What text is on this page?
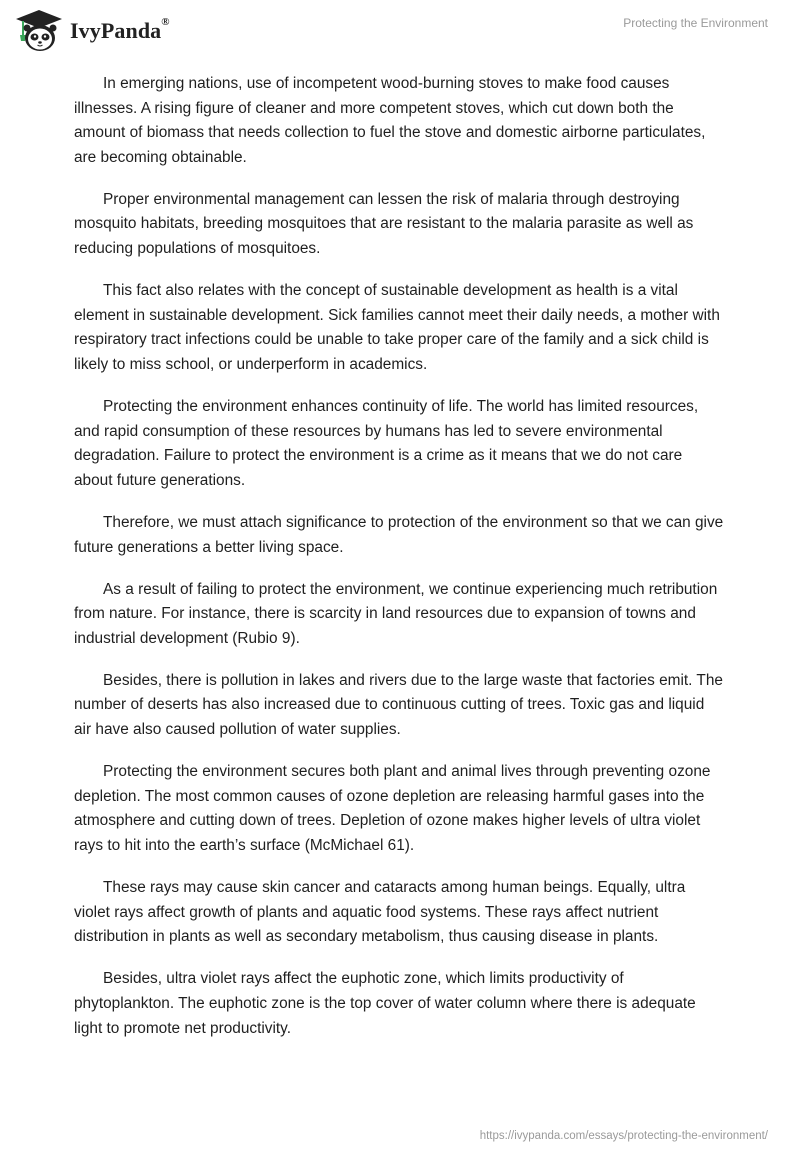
IvyPanda®	Protecting the Environment

In emerging nations, use of incompetent wood-burning stoves to make food causes illnesses. A rising figure of cleaner and more competent stoves, which cut down both the amount of biomass that needs collection to fuel the stove and domestic airborne particulates, are becoming obtainable.

Proper environmental management can lessen the risk of malaria through destroying mosquito habitats, breeding mosquitoes that are resistant to the malaria parasite as well as reducing populations of mosquitoes.

This fact also relates with the concept of sustainable development as health is a vital element in sustainable development. Sick families cannot meet their daily needs, a mother with respiratory tract infections could be unable to take proper care of the family and a sick child is likely to miss school, or underperform in academics.

Protecting the environment enhances continuity of life. The world has limited resources, and rapid consumption of these resources by humans has led to severe environmental degradation. Failure to protect the environment is a crime as it means that we do not care about future generations.

Therefore, we must attach significance to protection of the environment so that we can give future generations a better living space.

As a result of failing to protect the environment, we continue experiencing much retribution from nature. For instance, there is scarcity in land resources due to expansion of towns and industrial development (Rubio 9).

Besides, there is pollution in lakes and rivers due to the large waste that factories emit. The number of deserts has also increased due to continuous cutting of trees. Toxic gas and liquid air have also caused pollution of water supplies.

Protecting the environment secures both plant and animal lives through preventing ozone depletion. The most common causes of ozone depletion are releasing harmful gases into the atmosphere and cutting down of trees. Depletion of ozone makes higher levels of ultra violet rays to hit into the earth’s surface (McMichael 61).

These rays may cause skin cancer and cataracts among human beings. Equally, ultra violet rays affect growth of plants and aquatic food systems. These rays affect nutrient distribution in plants as well as secondary metabolism, thus causing disease in plants.

Besides, ultra violet rays affect the euphotic zone, which limits productivity of phytoplankton. The euphotic zone is the top cover of water column where there is adequate light to promote net productivity.

https://ivypanda.com/essays/protecting-the-environment/
